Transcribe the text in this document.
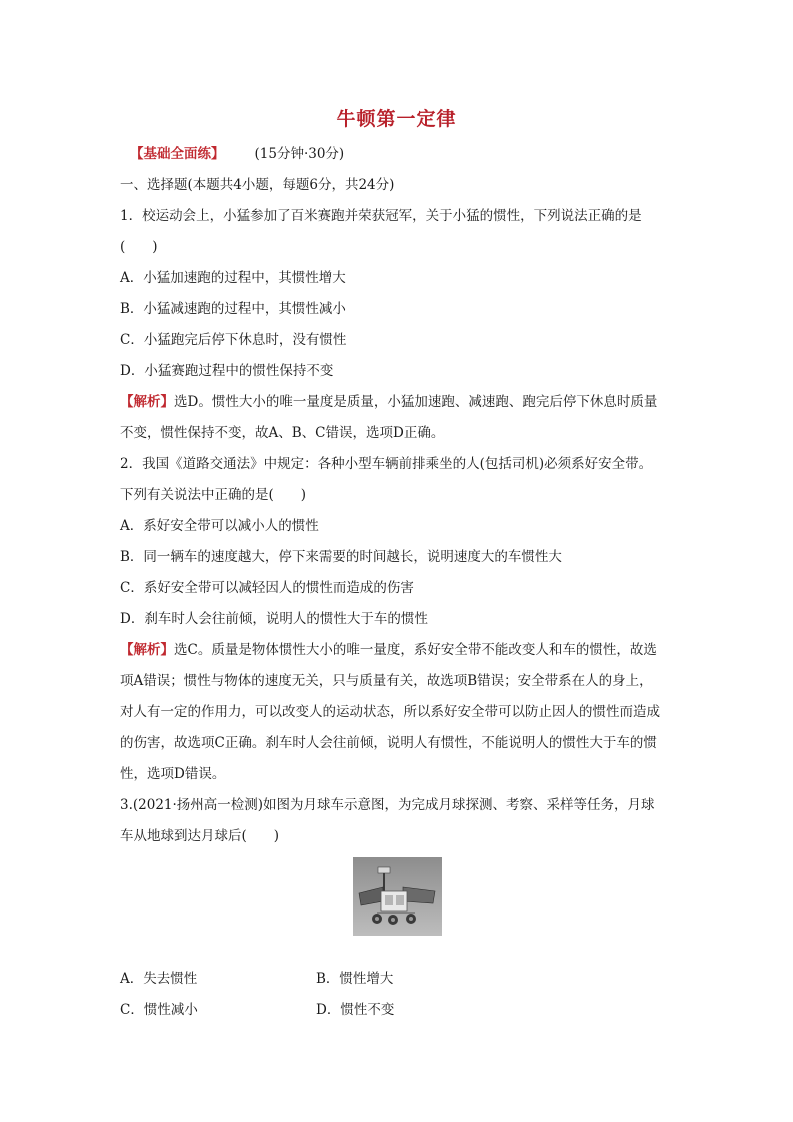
牛顿第一定律
【基础全面练】 (15分钟·30分)
一、选择题(本题共4小题，每题6分，共24分)
1．校运动会上，小猛参加了百米赛跑并荣获冠军，关于小猛的惯性，下列说法正确的是
(　　)
A．小猛加速跑的过程中，其惯性增大
B．小猛减速跑的过程中，其惯性减小
C．小猛跑完后停下休息时，没有惯性
D．小猛赛跑过程中的惯性保持不变
【解析】选D。惯性大小的唯一量度是质量，小猛加速跑、减速跑、跑完后停下休息时质量
不变，惯性保持不变，故A、B、C错误，选项D正确。
2．我国《道路交通法》中规定：各种小型车辆前排乘坐的人(包括司机)必须系好安全带。
下列有关说法中正确的是(　　)
A．系好安全带可以减小人的惯性
B．同一辆车的速度越大，停下来需要的时间越长，说明速度大的车惯性大
C．系好安全带可以减轻因人的惯性而造成的伤害
D．刹车时人会往前倾，说明人的惯性大于车的惯性
【解析】选C。质量是物体惯性大小的唯一量度，系好安全带不能改变人和车的惯性，故选
项A错误；惯性与物体的速度无关，只与质量有关，故选项B错误；安全带系在人的身上，
对人有一定的作用力，可以改变人的运动状态，所以系好安全带可以防止因人的惯性而造成
的伤害，故选项C正确。刹车时人会往前倾，说明人有惯性，不能说明人的惯性大于车的惯
性，选项D错误。
3.(2021·扬州高一检测)如图为月球车示意图，为完成月球探测、考察、采样等任务，月球
车从地球到达月球后(　　)
A．失去惯性	B．惯性增大
C．惯性减小	D．惯性不变
